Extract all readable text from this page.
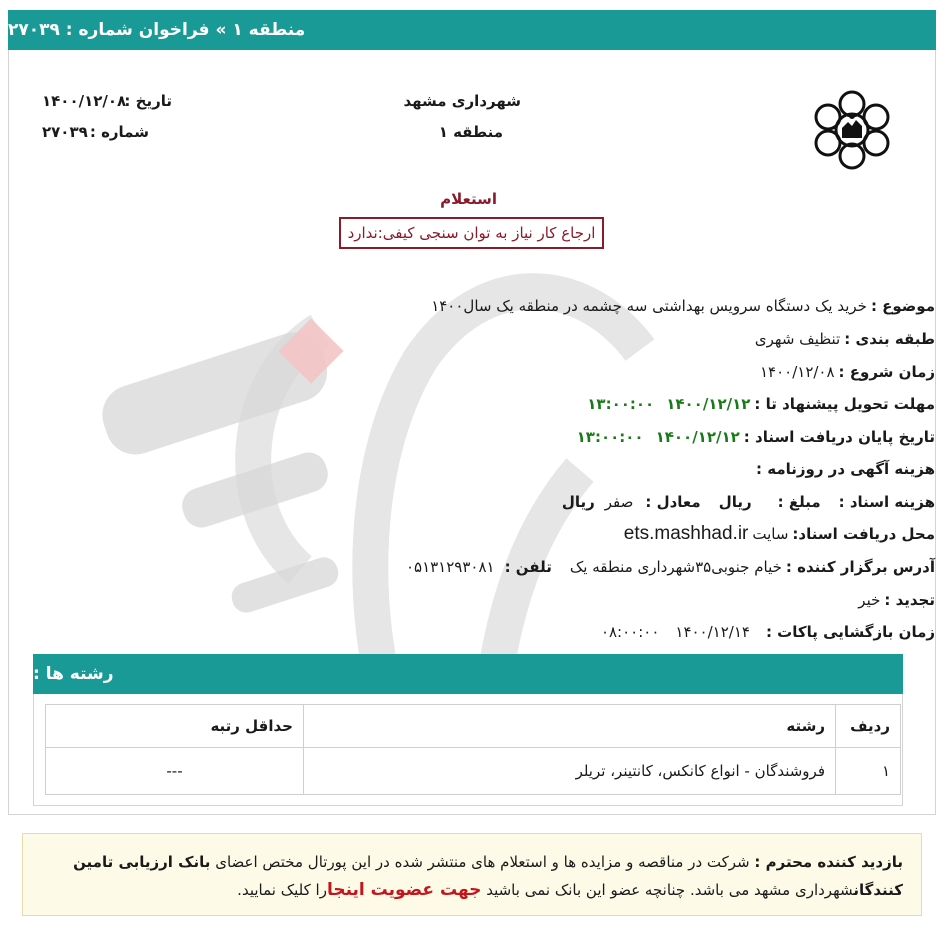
منطقه ۱ » فراخوان شماره : ۲۷۰۳۹
شهرداری مشهد
منطقه ۱
تاریخ :
۱۴۰۰/۱۲/۰۸
شماره :
۲۷۰۳۹
استعلام
ارجاع کار نیاز به توان سنجی کیفی:ندارد
موضوع :
خرید یک دستگاه سرویس بهداشتی سه چشمه در منطقه یک سال۱۴۰۰
طبقه بندی :
تنظیف شهری
زمان شروع :
۱۴۰۰/۱۲/۰۸
مهلت تحویل پیشنهاد تا :
۱۴۰۰/۱۲/۱۲
۱۳:۰۰:۰۰
تاریخ پایان دریافت اسناد :
۱۴۰۰/۱۲/۱۲
۱۳:۰۰:۰۰
هزینه آگهی در روزنامه :
هزینه اسناد :
مبلغ :
ریال
معادل :
صفر
ریال
محل دریافت اسناد:
سایت
ets.mashhad.ir
آدرس برگزار کننده :
خیام جنوبی۳۵شهرداری منطقه یک
تلفن :
۰۵۱۳۱۲۹۳۰۸۱
تجدید :
خیر
زمان بازگشایی پاکات :
۱۴۰۰/۱۲/۱۴
۰۸:۰۰:۰۰
رشته ها :
ردیف	رشته	حداقل رتبه
۱	فروشندگان - انواع کانکس، کانتینر، تریلر	---
بازدید کننده محترم : شرکت در مناقصه و مزایده ها و استعلام های منتشر شده در این پورتال مختص اعضای بانک ارزیابی تامین کنندگانشهرداری مشهد می باشد. چنانچه عضو این بانک نمی باشید جهت عضویت اینجارا کلیک نمایید.
